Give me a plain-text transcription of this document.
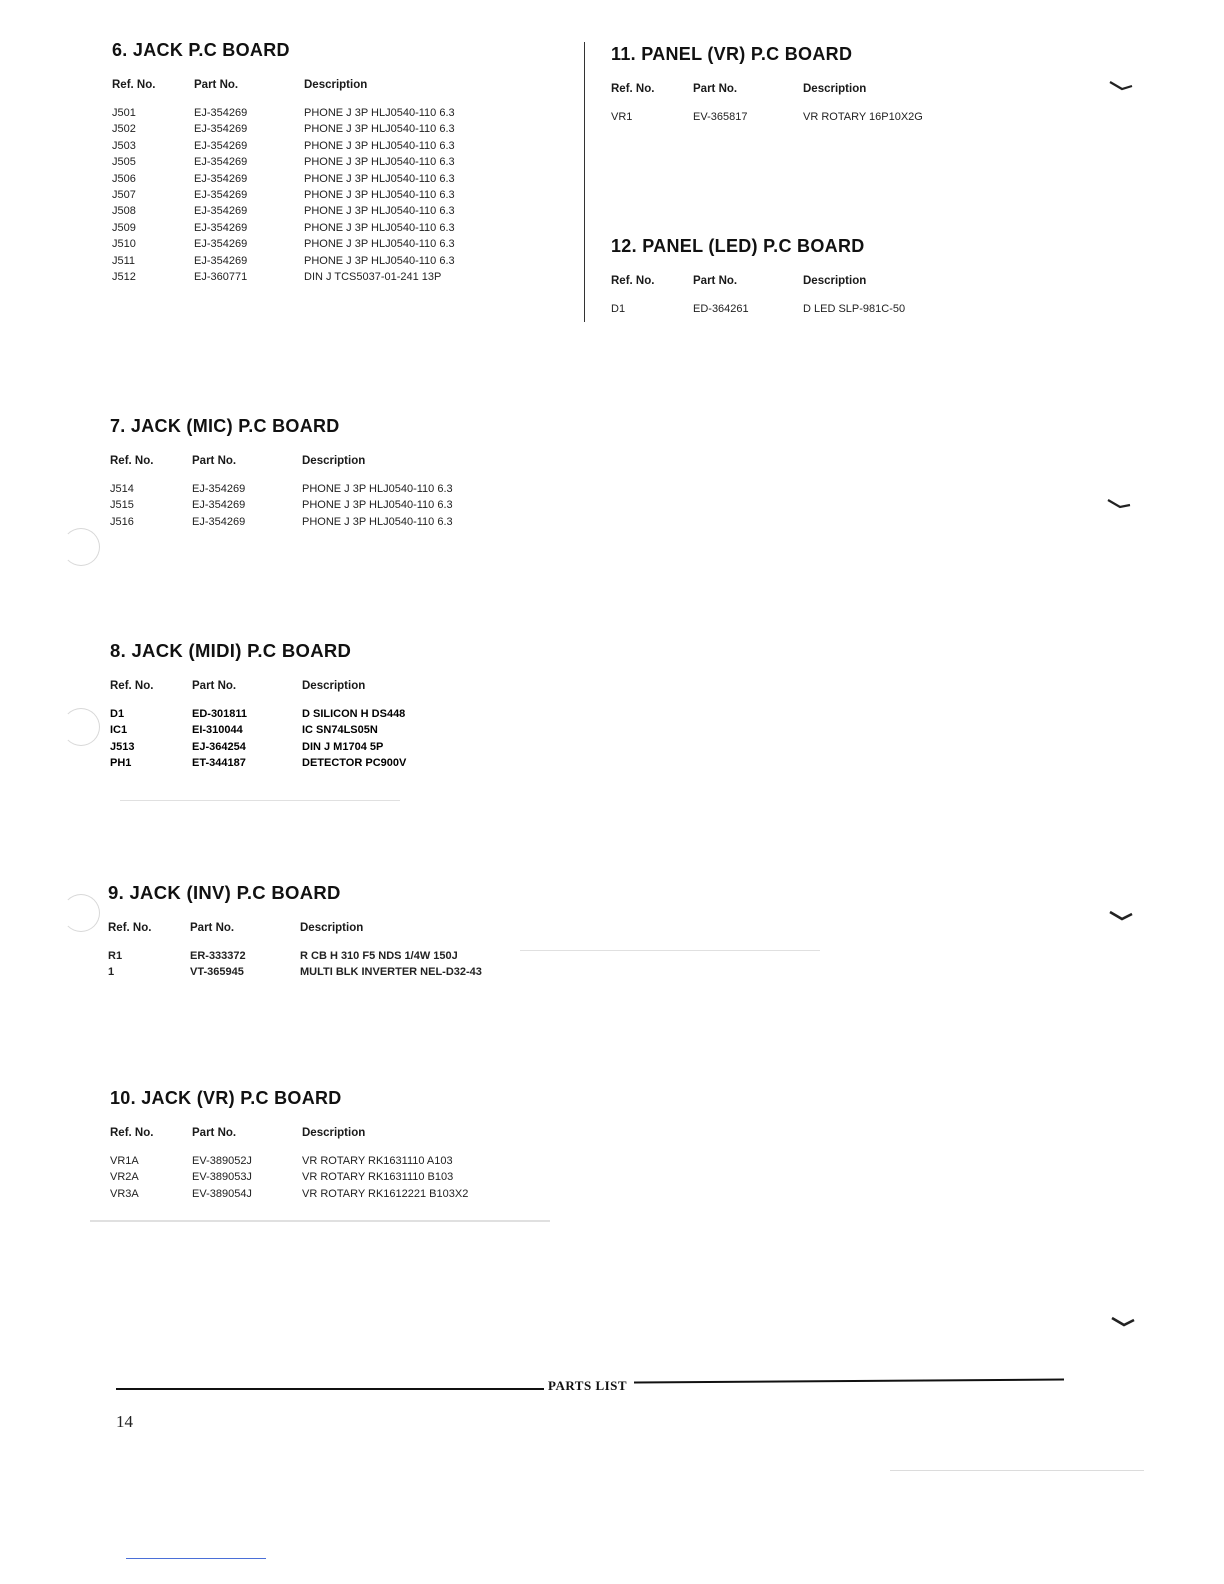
6. JACK P.C BOARD
Ref. No.	Part No.	Description
J501	EJ-354269	PHONE J 3P HLJ0540-110 6.3
J502	EJ-354269	PHONE J 3P HLJ0540-110 6.3
J503	EJ-354269	PHONE J 3P HLJ0540-110 6.3
J505	EJ-354269	PHONE J 3P HLJ0540-110 6.3
J506	EJ-354269	PHONE J 3P HLJ0540-110 6.3
J507	EJ-354269	PHONE J 3P HLJ0540-110 6.3
J508	EJ-354269	PHONE J 3P HLJ0540-110 6.3
J509	EJ-354269	PHONE J 3P HLJ0540-110 6.3
J510	EJ-354269	PHONE J 3P HLJ0540-110 6.3
J511	EJ-354269	PHONE J 3P HLJ0540-110 6.3
J512	EJ-360771	DIN J TCS5037-01-241 13P
11. PANEL (VR) P.C BOARD
Ref. No.	Part No.	Description
VR1	EV-365817	VR ROTARY 16P10X2G
12. PANEL (LED) P.C BOARD
Ref. No.	Part No.	Description
D1	ED-364261	D LED SLP-981C-50
7. JACK (MIC) P.C BOARD
Ref. No.	Part No.	Description
J514	EJ-354269	PHONE J 3P HLJ0540-110 6.3
J515	EJ-354269	PHONE J 3P HLJ0540-110 6.3
J516	EJ-354269	PHONE J 3P HLJ0540-110 6.3
8. JACK (MIDI) P.C BOARD
Ref. No.	Part No.	Description
D1	ED-301811	D SILICON H DS448
IC1	EI-310044	IC SN74LS05N
J513	EJ-364254	DIN J M1704 5P
PH1	ET-344187	DETECTOR PC900V
9. JACK (INV) P.C BOARD
Ref. No.	Part No.	Description
R1	ER-333372	R CB H 310 F5 NDS 1/4W 150J
1	VT-365945	MULTI BLK INVERTER NEL-D32-43
10. JACK (VR) P.C BOARD
Ref. No.	Part No.	Description
VR1A	EV-389052J	VR ROTARY RK1631110 A103
VR2A	EV-389053J	VR ROTARY RK1631110 B103
VR3A	EV-389054J	VR ROTARY RK1612221 B103X2
PARTS LIST
14
